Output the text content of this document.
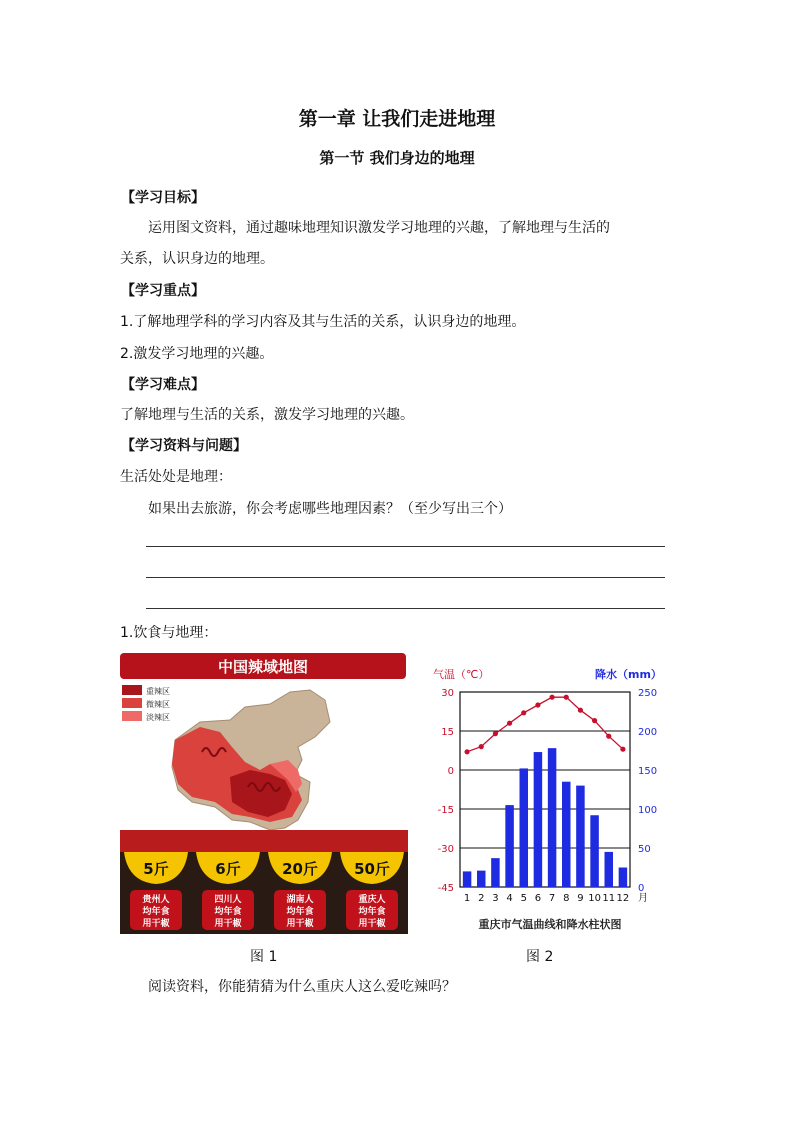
第一章 让我们走进地理
第一节 我们身边的地理
【学习目标】
运用图文资料，通过趣味地理知识激发学习地理的兴趣，了解地理与生活的
关系，认识身边的地理。
【学习重点】
1.了解地理学科的学习内容及其与生活的关系，认识身边的地理。
2.激发学习地理的兴趣。
【学习难点】
了解地理与生活的关系，激发学习地理的兴趣。
【学习资料与问题】
生活处处是地理：
如果出去旅游，你会考虑哪些地理因素？（至少写出三个）
1.饮食与地理：
中国辣域地图
重辣区
微辣区
淡辣区
5斤
贵州人
均年食
用干椒
6斤
四川人
均年食
用干椒
20斤
湖南人
均年食
用干椒
50斤
重庆人
均年食
用干椒
气温（℃）	降水（mm）
重庆市气温曲线和降水柱状图
30
15
0
-15
-30
-45
250
200
150
100
50
0
1 2 3 4 5 6 7 8 9 10 11 12 月
图 1	图 2
阅读资料，你能猜猜为什么重庆人这么爱吃辣吗？
